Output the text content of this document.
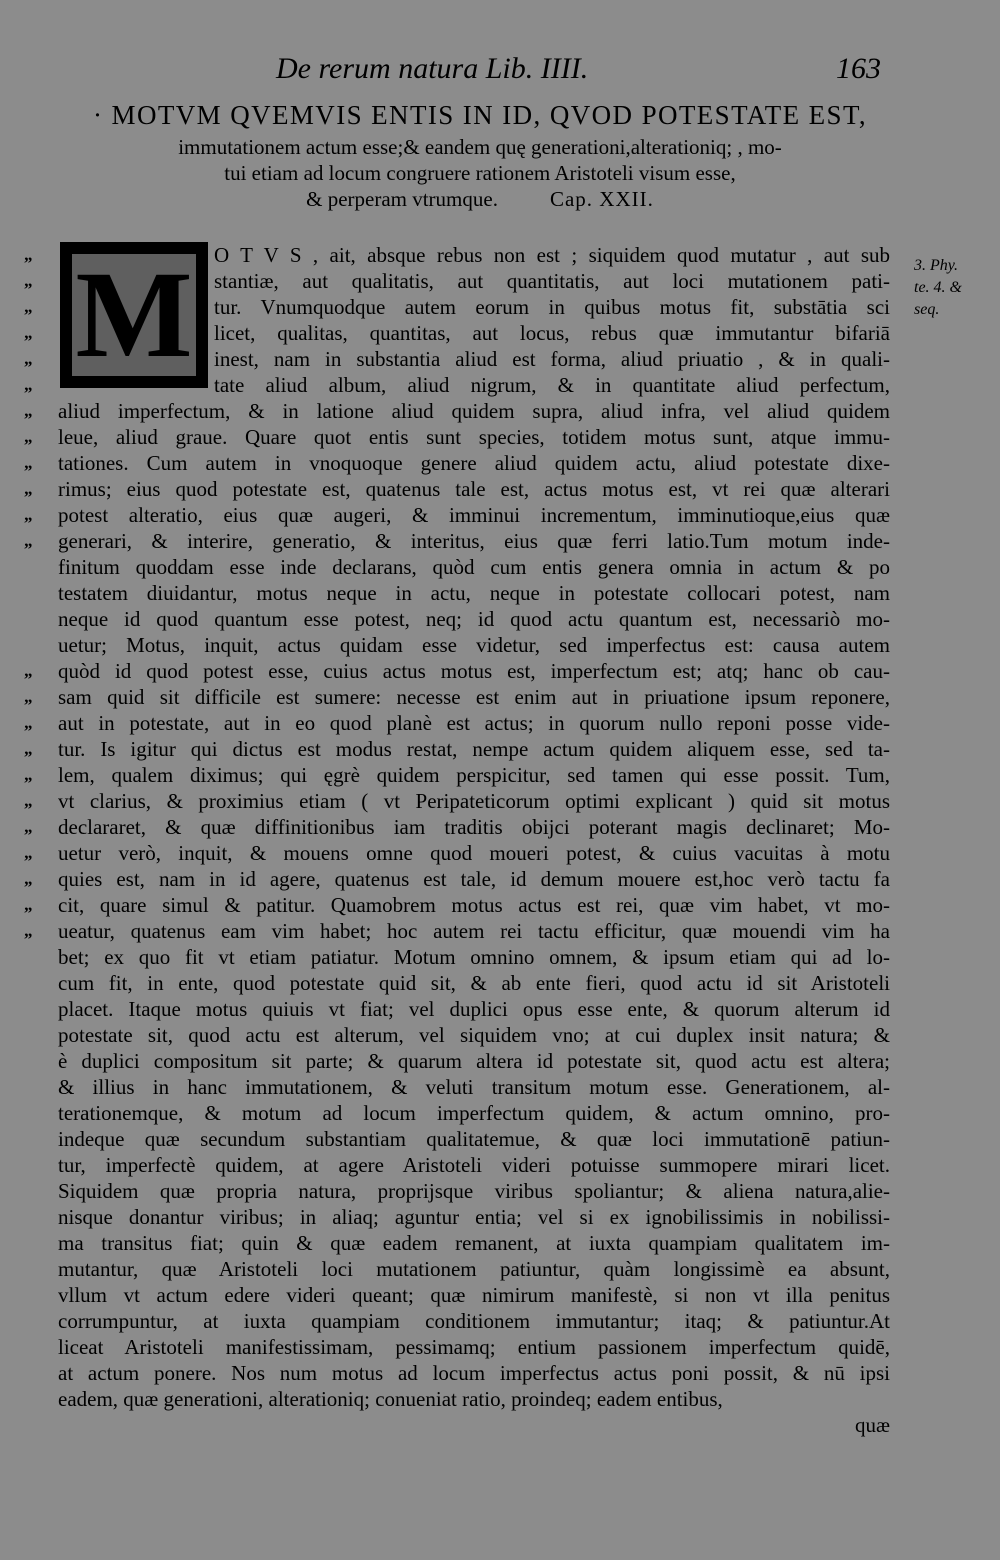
De rerum natura Lib. IIII.	163
· MOTVM QVEMVIS ENTIS IN ID, QVOD POTESTATE EST,
immutationem actum esse;& eandem quę generationi,alterationiq; , mo-
tui etiam ad locum congruere rationem Aristoteli visum esse,
& perperam vtrumque. Cap. XXII.
M	3. Phy.
te. 4. &
seq.
O T V S , ait, absque rebus non est ; siquidem quod mutatur , aut sub
stantiæ, aut qualitatis, aut quantitatis, aut loci mutationem pati-
tur. Vnumquodque autem eorum in quibus motus fit, substātia sci
licet, qualitas, quantitas, aut locus, rebus quæ immutantur bifariā
inest, nam in substantia aliud est forma, aliud priuatio , & in quali-
tate aliud album, aliud nigrum, & in quantitate aliud perfectum,
aliud imperfectum, & in latione aliud quidem supra, aliud infra, vel aliud quidem
leue, aliud graue. Quare quot entis sunt species, totidem motus sunt, atque immu-
tationes. Cum autem in vnoquoque genere aliud quidem actu, aliud potestate dixe-
rimus; eius quod potestate est, quatenus tale est, actus motus est, vt rei quæ alterari
potest alteratio, eius quæ augeri, & imminui incrementum, imminutioque,eius quæ
generari, & interire, generatio, & interitus, eius quæ ferri latio.Tum motum inde-
finitum quoddam esse inde declarans, quòd cum entis genera omnia in actum & po
testatem diuidantur, motus neque in actu, neque in potestate collocari potest, nam
neque id quod quantum esse potest, neq; id quod actu quantum est, necessariò mo-
uetur; Motus, inquit, actus quidam esse videtur, sed imperfectus est: causa autem
quòd id quod potest esse, cuius actus motus est, imperfectum est; atq; hanc ob cau-
sam quid sit difficile est sumere: necesse est enim aut in priuatione ipsum reponere,
aut in potestate, aut in eo quod planè est actus; in quorum nullo reponi posse vide-
tur. Is igitur qui dictus est modus restat, nempe actum quidem aliquem esse, sed ta-
lem, qualem diximus; qui ęgrè quidem perspicitur, sed tamen qui esse possit. Tum,
vt clarius, & proximius etiam ( vt Peripateticorum optimi explicant ) quid sit motus
declararet, & quæ diffinitionibus iam traditis obijci poterant magis declinaret; Mo-
uetur verò, inquit, & mouens omne quod moueri potest, & cuius vacuitas à motu
quies est, nam in id agere, quatenus est tale, id demum mouere est,hoc verò tactu fa
cit, quare simul & patitur. Quamobrem motus actus est rei, quæ vim habet, vt mo-
ueatur, quatenus eam vim habet; hoc autem rei tactu efficitur, quæ mouendi vim ha
bet; ex quo fit vt etiam patiatur. Motum omnino omnem, & ipsum etiam qui ad lo-
cum fit, in ente, quod potestate quid sit, & ab ente fieri, quod actu id sit Aristoteli
placet. Itaque motus quiuis vt fiat; vel duplici opus esse ente, & quorum alterum id
potestate sit, quod actu est alterum, vel siquidem vno; at cui duplex insit natura; &
è duplici compositum sit parte; & quarum altera id potestate sit, quod actu est altera;
& illius in hanc immutationem, & veluti transitum motum esse. Generationem, al-
terationemque, & motum ad locum imperfectum quidem, & actum omnino, pro-
indeque quæ secundum substantiam qualitatemue, & quæ loci immutationē patiun-
tur, imperfectè quidem, at agere Aristoteli videri potuisse summopere mirari licet.
Siquidem quæ propria natura, proprijsque viribus spoliantur; & aliena natura,alie-
nisque donantur viribus; in aliaq; aguntur entia; vel si ex ignobilissimis in nobilissi-
ma transitus fiat; quin & quæ eadem remanent, at iuxta quampiam qualitatem im-
mutantur, quæ Aristoteli loci mutationem patiuntur, quàm longissimè ea absunt,
vllum vt actum edere videri queant; quæ nimirum manifestè, si non vt illa penitus
corrumpuntur, at iuxta quampiam conditionem immutantur; itaq; & patiuntur.At
liceat Aristoteli manifestissimam, pessimamq; entium passionem imperfectum quidē,
at actum ponere. Nos num motus ad locum imperfectus actus poni possit, & nū ipsi
eadem, quæ generationi, alterationiq; conueniat ratio, proindeq; eadem entibus,
quæ
„
„
„
„
„
„
„
„
„
„
„
„
„
„
„
„
„
„
„
„
„
„
„
